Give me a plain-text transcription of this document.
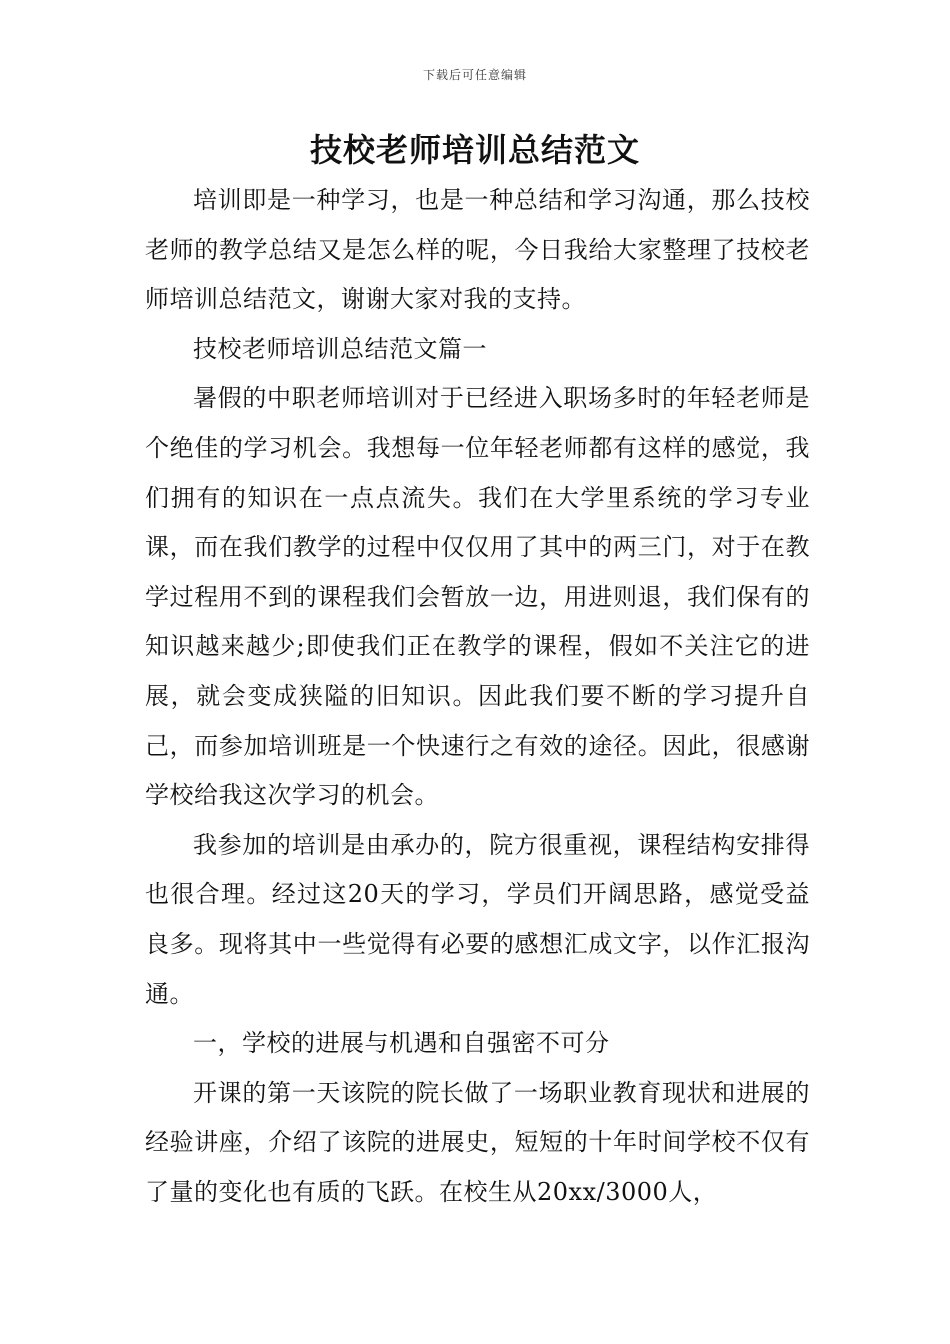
下载后可任意编辑
技校老师培训总结范文

培训即是一种学习，也是一种总结和学习沟通，那么技校老师的教学总结又是怎么样的呢，今日我给大家整理了技校老师培训总结范文，谢谢大家对我的支持。

技校老师培训总结范文篇一

暑假的中职老师培训对于已经进入职场多时的年轻老师是个绝佳的学习机会。我想每一位年轻老师都有这样的感觉，我们拥有的知识在一点点流失。我们在大学里系统的学习专业课，而在我们教学的过程中仅仅用了其中的两三门，对于在教学过程用不到的课程我们会暂放一边，用进则退，我们保有的知识越来越少;即使我们正在教学的课程，假如不关注它的进展，就会变成狭隘的旧知识。因此我们要不断的学习提升自己，而参加培训班是一个快速行之有效的途径。因此，很感谢学校给我这次学习的机会。

我参加的培训是由承办的，院方很重视，课程结构安排得也很合理。经过这20天的学习，学员们开阔思路，感觉受益良多。现将其中一些觉得有必要的感想汇成文字，以作汇报沟通。

一，学校的进展与机遇和自强密不可分

开课的第一天该院的院长做了一场职业教育现状和进展的经验讲座，介绍了该院的进展史，短短的十年时间学校不仅有了量的变化也有质的飞跃。在校生从20xx/3000人，
